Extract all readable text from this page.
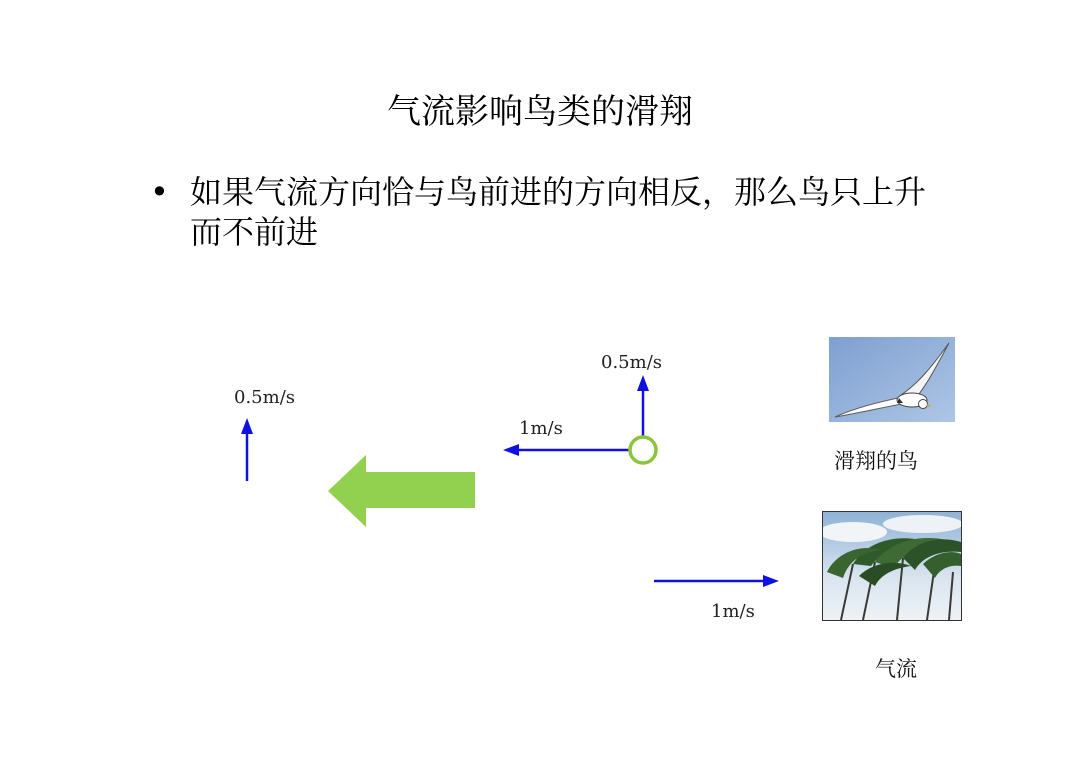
气流影响鸟类的滑翔
• 如果气流方向恰与鸟前进的方向相反，那么鸟只上升而不前进
0.5m/s
0.5m/s
1m/s
1m/s
滑翔的鸟
气流
